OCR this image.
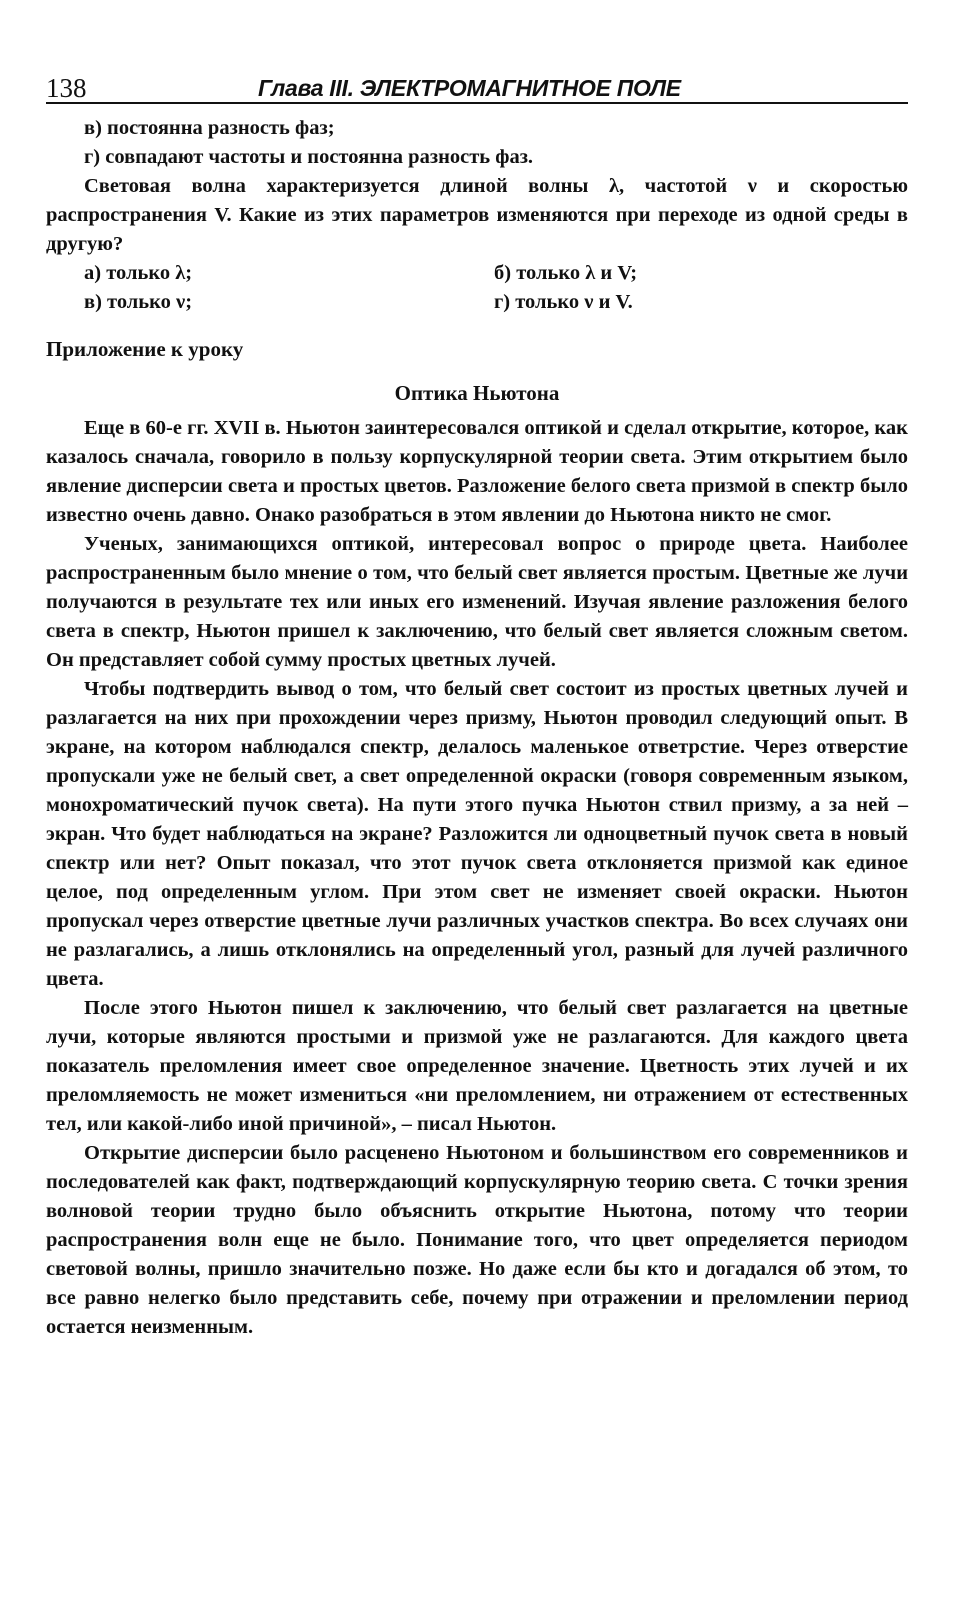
138	Глава III. ЭЛЕКТРОМАГНИТНОЕ ПОЛЕ
в) постоянна разность фаз;
г) совпадают частоты и постоянна разность фаз.

Световая волна характеризуется длиной волны λ, частотой ν и скоростью распространения V. Какие из этих параметров изменяются при переходе из одной среды в другую?

а) только λ;	б) только λ и V;
в) только ν;	г) только ν и V.
Приложение к уроку
Оптика Ньютона

Еще в 60-е гг. XVII в. Ньютон заинтересовался оптикой и сделал открытие, которое, как казалось сначала, говорило в пользу корпускулярной теории света. Этим открытием было явление дисперсии света и простых цветов. Разложение белого света призмой в спектр было известно очень давно. Онако разобраться в этом явлении до Ньютона никто не смог.

Ученых, занимающихся оптикой, интересовал вопрос о природе цвета. Наиболее распространенным было мнение о том, что белый свет является простым. Цветные же лучи получаются в результате тех или иных его изменений. Изучая явление разложения белого света в спектр, Ньютон пришел к заключению, что белый свет является сложным светом. Он представляет собой сумму простых цветных лучей.

Чтобы подтвердить вывод о том, что белый свет состоит из простых цветных лучей и разлагается на них при прохождении через призму, Ньютон проводил следующий опыт. В экране, на котором наблюдался спектр, делалось маленькое ответрстие. Через отверстие пропускали уже не белый свет, а свет определенной окраски (говоря современным языком, монохроматический пучок света). На пути этого пучка Ньютон ствил призму, а за ней – экран. Что будет наблюдаться на экране? Разложится ли одноцветный пучок света в новый спектр или нет? Опыт показал, что этот пучок света отклоняется призмой как единое целое, под определенным углом. При этом свет не изменяет своей окраски. Ньютон пропускал через отверстие цветные лучи различных участков спектра. Во всех случаях они не разлагались, а лишь отклонялись на определенный угол, разный для лучей различного цвета.

После этого Ньютон пишел к заключению, что белый свет разлагается на цветные лучи, которые являются простыми и призмой уже не разлагаются. Для каждого цвета показатель преломления имеет свое определенное значение. Цветность этих лучей и их преломляемость не может измениться «ни преломлением, ни отражением от естественных тел, или какой-либо иной причиной», – писал Ньютон.

Открытие дисперсии было расценено Ньютоном и большинством его современников и последователей как факт, подтверждающий корпускулярную теорию света. С точки зрения волновой теории трудно было объяснить открытие Ньютона, потому что теории распространения волн еще не было. Понимание того, что цвет определяется периодом световой волны, пришло значительно позже. Но даже если бы кто и догадался об этом, то все равно нелегко было представить себе, почему при отражении и преломлении период остается неизменным.
